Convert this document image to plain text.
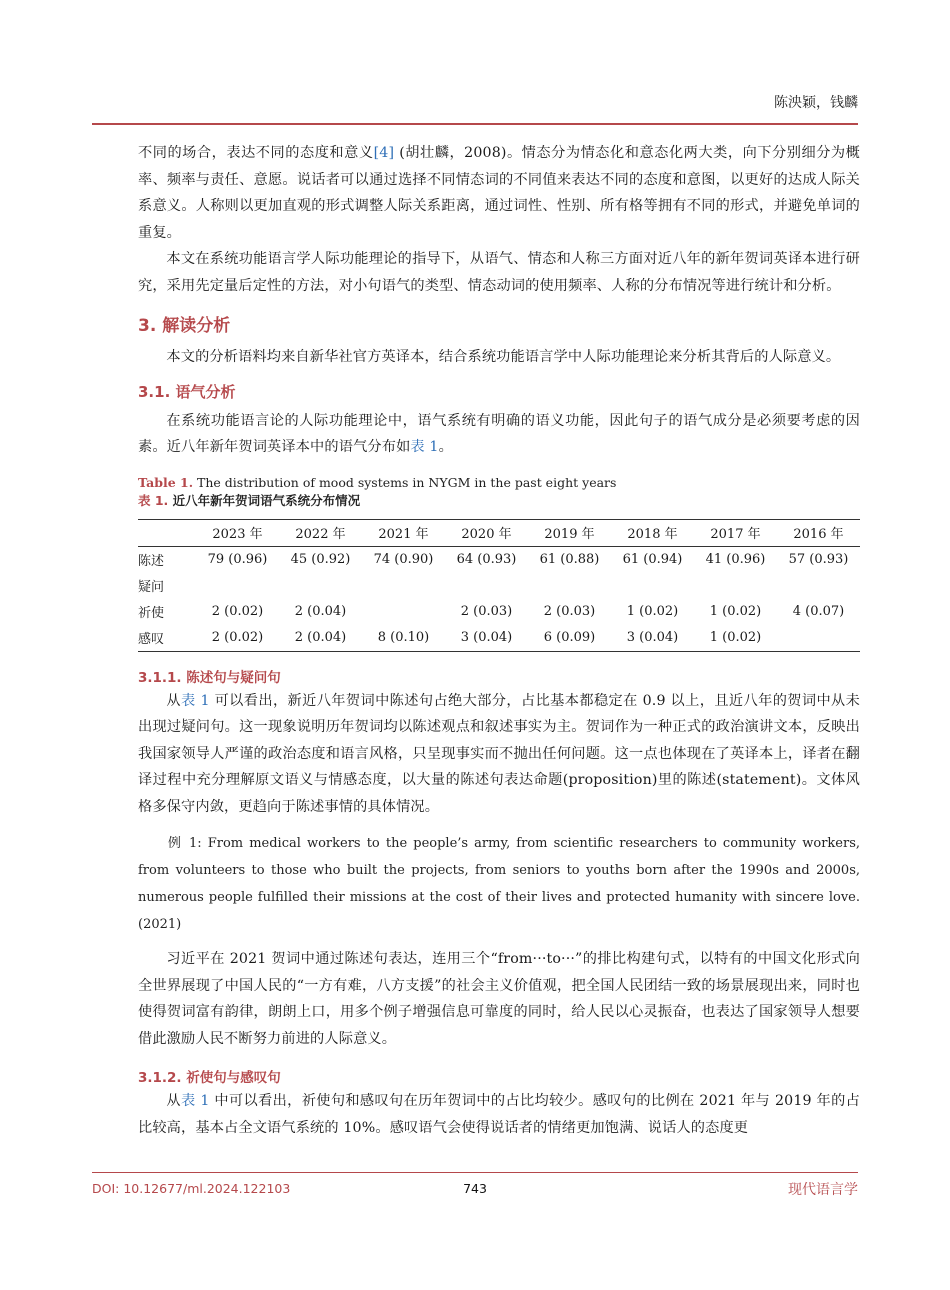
陈泱颖，钱麟

不同的场合，表达不同的态度和意义[4] (胡壮麟，2008)。情态分为情态化和意态化两大类，向下分别细分为概率、频率与责任、意愿。说话者可以通过选择不同情态词的不同值来表达不同的态度和意图，以更好的达成人际关系意义。人称则以更加直观的形式调整人际关系距离，通过词性、性别、所有格等拥有不同的形式，并避免单词的重复。

本文在系统功能语言学人际功能理论的指导下，从语气、情态和人称三方面对近八年的新年贺词英译本进行研究，采用先定量后定性的方法，对小句语气的类型、情态动词的使用频率、人称的分布情况等进行统计和分析。

3. 解读分析

本文的分析语料均来自新华社官方英译本，结合系统功能语言学中人际功能理论来分析其背后的人际意义。

3.1. 语气分析

在系统功能语言论的人际功能理论中，语气系统有明确的语义功能，因此句子的语气成分是必须要考虑的因素。近八年新年贺词英译本中的语气分布如表 1。

Table 1. The distribution of mood systems in NYGM in the past eight years
表 1. 近八年新年贺词语气系统分布情况
	2023 年	2022 年	2021 年	2020 年	2019 年	2018 年	2017 年	2016 年
陈述	79 (0.96)	45 (0.92)	74 (0.90)	64 (0.93)	61 (0.88)	61 (0.94)	41 (0.96)	57 (0.93)
疑问								
祈使	2 (0.02)	2 (0.04)		2 (0.03)	2 (0.03)	1 (0.02)	1 (0.02)	4 (0.07)
感叹	2 (0.02)	2 (0.04)	8 (0.10)	3 (0.04)	6 (0.09)	3 (0.04)	1 (0.02)	
3.1.1. 陈述句与疑问句

从表 1 可以看出，新近八年贺词中陈述句占绝大部分，占比基本都稳定在 0.9 以上，且近八年的贺词中从未出现过疑问句。这一现象说明历年贺词均以陈述观点和叙述事实为主。贺词作为一种正式的政治演讲文本，反映出我国家领导人严谨的政治态度和语言风格，只呈现事实而不抛出任何问题。这一点也体现在了英译本上，译者在翻译过程中充分理解原文语义与情感态度，以大量的陈述句表达命题(proposition)里的陈述(statement)。文体风格多保守内敛，更趋向于陈述事情的具体情况。

例 1: From medical workers to the people’s army, from scientific researchers to community workers, from volunteers to those who built the projects, from seniors to youths born after the 1990s and 2000s, numerous people fulfilled their missions at the cost of their lives and protected humanity with sincere love. (2021)

习近平在 2021 贺词中通过陈述句表达，连用三个“from···to···”的排比构建句式，以特有的中国文化形式向全世界展现了中国人民的“一方有难，八方支援”的社会主义价值观，把全国人民团结一致的场景展现出来，同时也使得贺词富有韵律，朗朗上口，用多个例子增强信息可靠度的同时，给人民以心灵振奋，也表达了国家领导人想要借此激励人民不断努力前进的人际意义。

3.1.2. 祈使句与感叹句

从表 1 中可以看出，祈使句和感叹句在历年贺词中的占比均较少。感叹句的比例在 2021 年与 2019 年的占比较高，基本占全文语气系统的 10%。感叹语气会使得说话者的情绪更加饱满、说话人的态度更

DOI: 10.12677/ml.2024.122103	743	现代语言学
